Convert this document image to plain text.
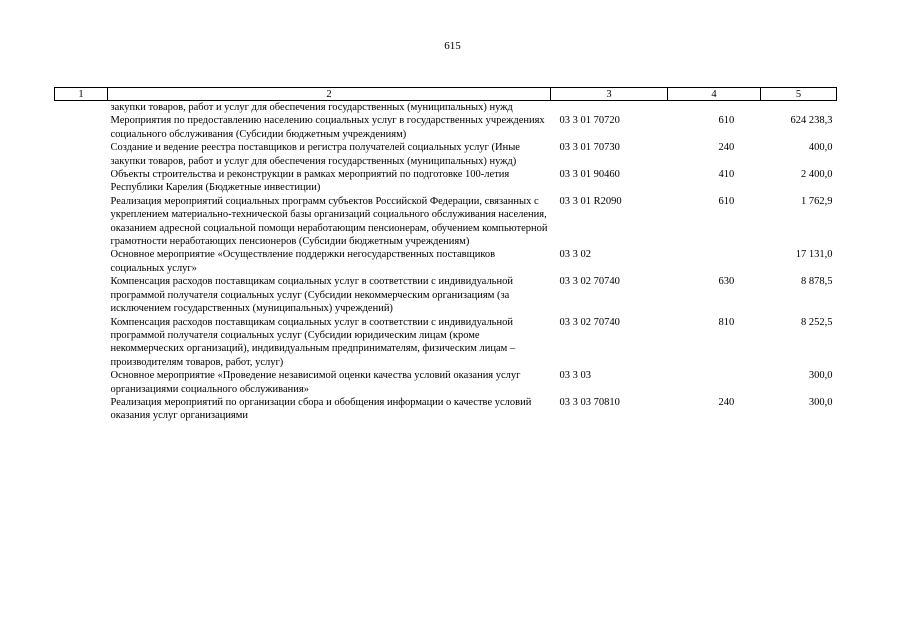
615
1	2	3	4	5
	закупки товаров, работ и услуг для обеспечения государственных (муниципальных) нужд			
	Мероприятия по предоставлению населению социальных услуг в государственных учреждениях социального обслуживания (Субсидии бюджетным учреждениям)	03 3 01 70720	610	624 238,3
	Создание и ведение реестра поставщиков и регистра получателей социальных услуг (Иные закупки товаров, работ и услуг для обеспечения государственных (муниципальных) нужд)	03 3 01 70730	240	400,0
	Объекты строительства и реконструкции в рамках мероприятий по подготовке 100-летия Республики Карелия (Бюджетные инвестиции)	03 3 01 90460	410	2 400,0
	Реализация мероприятий социальных программ субъектов Российской Федерации, связанных с укреплением материально-технической базы организаций социального обслуживания населения, оказанием адресной социальной помощи неработающим пенсионерам, обучением компьютерной грамотности неработающих пенсионеров (Субсидии бюджетным учреждениям)	03 3 01 R2090	610	1 762,9
	Основное мероприятие «Осуществление поддержки негосударственных поставщиков социальных услуг»	03 3 02		17 131,0
	Компенсация расходов поставщикам социальных услуг в соответствии с индивидуальной программой получателя социальных услуг (Субсидии некоммерческим организациям (за исключением государственных (муниципальных) учреждений)	03 3 02 70740	630	8 878,5
	Компенсация расходов поставщикам социальных услуг в соответствии с индивидуальной программой получателя социальных услуг (Субсидии юридическим лицам (кроме некоммерческих организаций), индивидуальным предпринимателям, физическим лицам – производителям товаров, работ, услуг)	03 3 02 70740	810	8 252,5
	Основное мероприятие «Проведение независимой оценки качества условий оказания услуг организациями социального обслуживания»	03 3 03		300,0
	Реализация мероприятий по организации сбора и обобщения информации о качестве условий оказания услуг организациями	03 3 03 70810	240	300,0
